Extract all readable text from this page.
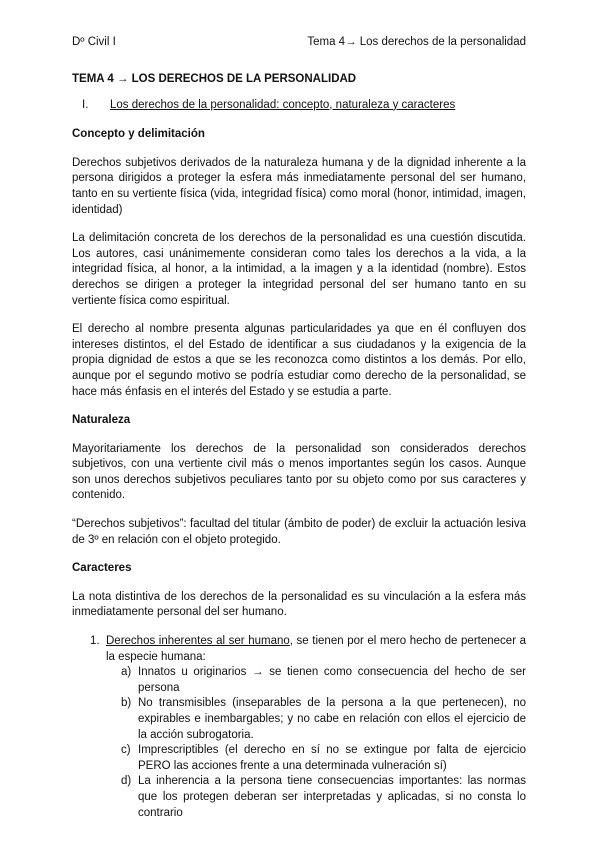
Dº Civil I	Tema 4→ Los derechos de la personalidad
TEMA 4 → LOS DERECHOS DE LA PERSONALIDAD
I. Los derechos de la personalidad: concepto, naturaleza y caracteres
Concepto y delimitación

Derechos subjetivos derivados de la naturaleza humana y de la dignidad inherente a la persona dirigidos a proteger la esfera más inmediatamente personal del ser humano, tanto en su vertiente física (vida, integridad física) como moral (honor, intimidad, imagen, identidad)

La delimitación concreta de los derechos de la personalidad es una cuestión discutida. Los autores, casi unánimemente consideran como tales los derechos a la vida, a la integridad física, al honor, a la intimidad, a la imagen y a la identidad (nombre). Estos derechos se dirigen a proteger la integridad personal del ser humano tanto en su vertiente física como espiritual.

El derecho al nombre presenta algunas particularidades ya que en él confluyen dos intereses distintos, el del Estado de identificar a sus ciudadanos y la exigencia de la propia dignidad de estos a que se les reconozca como distintos a los demás. Por ello, aunque por el segundo motivo se podría estudiar como derecho de la personalidad, se hace más énfasis en el interés del Estado y se estudia a parte.

Naturaleza

Mayoritariamente los derechos de la personalidad son considerados derechos subjetivos, con una vertiente civil más o menos importantes según los casos. Aunque son unos derechos subjetivos peculiares tanto por su objeto como por sus caracteres y contenido.

“Derechos subjetivos”: facultad del titular (ámbito de poder) de excluir la actuación lesiva de 3º en relación con el objeto protegido.

Caracteres

La nota distintiva de los derechos de la personalidad es su vinculación a la esfera más inmediatamente personal del ser humano.

1. Derechos inherentes al ser humano, se tienen por el mero hecho de pertenecer a la especie humana:
a) Innatos u originarios → se tienen como consecuencia del hecho de ser persona
b) No transmisibles (inseparables de la persona a la que pertenecen), no expirables e inembargables; y no cabe en relación con ellos el ejercicio de la acción subrogatoria.
c) Imprescriptibles (el derecho en sí no se extingue por falta de ejercicio PERO las acciones frente a una determinada vulneración sí)
d) La inherencia a la persona tiene consecuencias importantes: las normas que los protegen deberan ser interpretadas y aplicadas, si no consta lo contrario
